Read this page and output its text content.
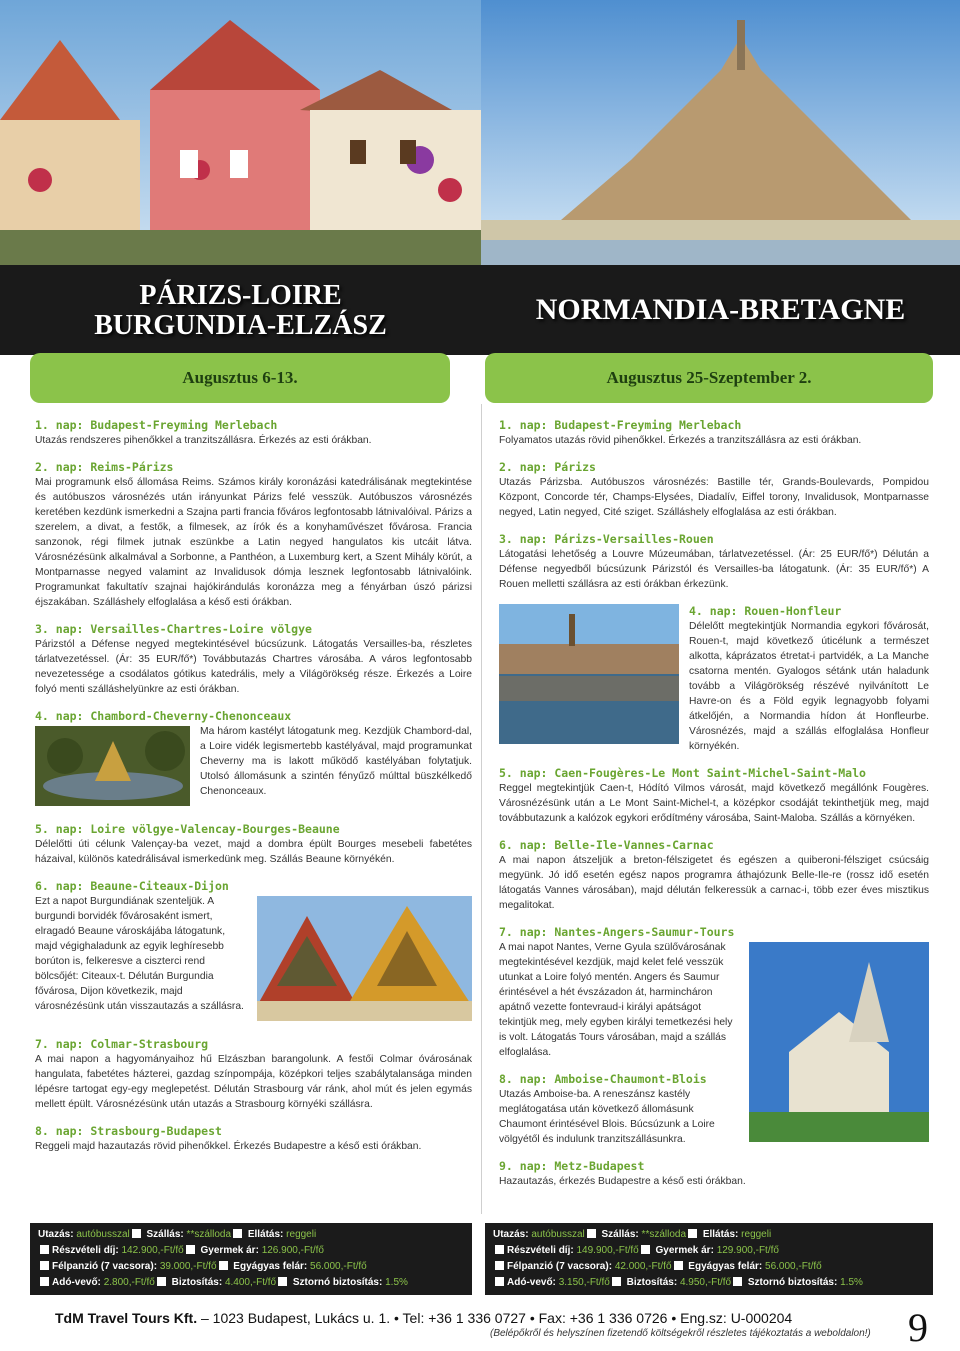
PÁRIZS-LOIRE
BURGUNDIA-ELZÁSZ	NORMANDIA-BRETAGNE
Augusztus 6-13.	Augusztus 25-Szeptember 2.
1. nap: Budapest-Freyming Merlebach

Utazás rendszeres pihenőkkel a tranzitszállásra. Érkezés az esti órákban.

2. nap: Reims-Párizs

Mai programunk első állomása Reims. Számos király koronázási katedrálisának megtekintése és autóbuszos városnézés után irányunkat Párizs felé vesszük. Autóbuszos városnézés keretében kezdünk ismerkedni a Szajna parti francia főváros legfontosabb látnivalóival. Párizs a szerelem, a divat, a festők, a filmesek, az írók és a konyhaművészet fővárosa. Francia sanzonok, régi filmek jutnak eszünkbe a Latin negyed hangulatos kis utcáit látva. Városnézésünk alkalmával a Sorbonne, a Panthéon, a Luxemburg kert, a Szent Mihály körút, a Montparnasse negyed valamint az Invalidusok dómja lesznek legfontosabb látnivalóink. Programunkat fakultatív szajnai hajókirándulás koronázza meg a fényárban úszó párizsi éjszakában. Szálláshely elfoglalása a késő esti órákban.

3. nap: Versailles-Chartres-Loire völgye

Párizstól a Défense negyed megtekintésével búcsúzunk. Látogatás Versailles-ba, részletes tárlatvezetéssel. (Ár: 35 EUR/fő*) Továbbutazás Chartres városába. A város legfontosabb nevezetessége a csodálatos gótikus katedrális, mely a Világörökség része. Érkezés a Loire folyó menti szálláshelyünkre az esti órákban.

4. nap: Chambord-Cheverny-Chenonceaux

Ma három kastélyt látogatunk meg. Kezdjük Chambord-dal, a Loire vidék legismertebb kastélyával, majd programunkat Cheverny ma is lakott működő kastélyában folytatjuk. Utolsó állomásunk a szintén fényűző múlttal büszkélkedő Chenonceaux.

5. nap: Loire völgye-Valencay-Bourges-Beaune

Délelőtti úti célunk Valençay-ba vezet, majd a dombra épült Bourges mesebeli fabetétes házaival, különös katedrálisával ismerkedünk meg. Szállás Beaune környékén.

6. nap: Beaune-Citeaux-Dijon

Ezt a napot Burgundiának szenteljük. A burgundi borvidék fővárosaként ismert, elragadó Beaune városkájába látogatunk, majd végighaladunk az egyik leghíresebb borúton is, felkeresve a ciszterci rend bölcsőjét: Citeaux-t. Délután Burgundia fővárosa, Dijon következik, majd városnézésünk után visszautazás a szállásra.

7. nap: Colmar-Strasbourg

A mai napon a hagyományaihoz hű Elzászban barangolunk. A festői Colmar óvárosának hangulata, fabetétes házterei, gazdag színpompája, középkori teljes szabálytalansága minden lépésre tartogat egy-egy meglepetést. Délután Strasbourg vár ránk, ahol mút és jelen egymás mellett épült. Városnézésünk után utazás a Strasbourg környéki szállásra.

8. nap: Strasbourg-Budapest

Reggeli majd hazautazás rövid pihenőkkel. Érkezés Budapestre a késő esti órákban.

1. nap: Budapest-Freyming Merlebach

Folyamatos utazás rövid pihenőkkel. Érkezés a tranzitszállásra az esti órákban.

2. nap: Párizs

Utazás Párizsba. Autóbuszos városnézés: Bastille tér, Grands-Boulevards, Pompidou Központ, Concorde tér, Champs-Elysées, Diadalív, Eiffel torony, Invalidusok, Montparnasse negyed, Latin negyed, Cité sziget. Szálláshely elfoglalása az esti órákban.

3. nap: Párizs-Versailles-Rouen

Látogatási lehetőség a Louvre Múzeumában, tárlatvezetéssel. (Ár: 25 EUR/fő*) Délután a Défense negyedből búcsúzunk Párizstól és Versailles-ba látogatunk. (Ár: 35 EUR/fő*) A Rouen melletti szállásra az esti órákban érkezünk.

4. nap: Rouen-Honfleur

Délelőtt megtekintjük Normandia egykori fővárosát, Rouen-t, majd következő úticélunk a természet alkotta, káprázatos étretat-i partvidék, a La Manche csatorna mentén. Gyalogos sétánk után haladunk tovább a Világörökség részévé nyilvánított Le Havre-on és a Föld egyik legnagyobb folyami átkelőjén, a Normandia hídon át Honfleurbe. Városnézés, majd a szállás elfoglalása Honfleur környékén.

5. nap: Caen-Fougères-Le Mont Saint-Michel-Saint-Malo

Reggel megtekintjük Caen-t, Hódító Vilmos városát, majd következő megállónk Fougères. Városnézésünk után a Le Mont Saint-Michel-t, a középkor csodáját tekinthetjük meg, majd továbbutazunk a kalózok egykori erődítmény városába, Saint-Maloba. Szállás a környéken.

6. nap: Belle-Ile-Vannes-Carnac

A mai napon átszeljük a breton-félszigetet és egészen a quiberoni-félsziget csúcsáig megyünk. Jó idő esetén egész napos programra áthajózunk Belle-Ile-re (rossz idő esetén látogatás Vannes városában), majd délután felkeressük a carnac-i, több ezer éves misztikus megalitokat.

7. nap: Nantes-Angers-Saumur-Tours

A mai napot Nantes, Verne Gyula szülővárosának megtekintésével kezdjük, majd kelet felé vesszük utunkat a Loire folyó mentén. Angers és Saumur érintésével a hét évszázadon át, harmincháron apátnő vezette fontevraud-i királyi apátságot tekintjük meg, mely egyben királyi temetkezési hely is volt. Látogatás Tours városában, majd a szállás elfoglalása.

8. nap: Amboise-Chaumont-Blois

Utazás Amboise-ba. A reneszánsz kastély meglátogatása után következő állomásunk Chaumont érintésével Blois. Búcsúzunk a Loire völgyétől és indulunk tranzitszállásunkra.

9. nap: Metz-Budapest

Hazautazás, érkezés Budapestre a késő esti órákban.

Utazás: autóbusszal Szállás: **szálloda Ellátás: reggeli
Részvételi díj: 142.900,-Ft/fő Gyermek ár: 126.900,-Ft/fő
Félpanzió (7 vacsora): 39.000,-Ft/fő Egyágyas felár: 56.000,-Ft/fő
Adó-vevő: 2.800,-Ft/fő Biztosítás: 4.400,-Ft/fő Sztornó biztosítás: 1.5%
Utazás: autóbusszal Szállás: **szálloda Ellátás: reggeli
Részvételi díj: 149.900,-Ft/fő Gyermek ár: 129.900,-Ft/fő
Félpanzió (7 vacsora): 42.000,-Ft/fő Egyágyas felár: 56.000,-Ft/fő
Adó-vevő: 3.150,-Ft/fő Biztosítás: 4.950,-Ft/fő Sztornó biztosítás: 1.5%
TdM Travel Tours Kft. – 1023 Budapest, Lukács u. 1. • Tel: +36 1 336 0727 • Fax: +36 1 336 0726 • Eng.sz: U-000204
(Belépőkről és helyszínen fizetendő költségekről részletes tájékoztatás a weboldalon!) 9
